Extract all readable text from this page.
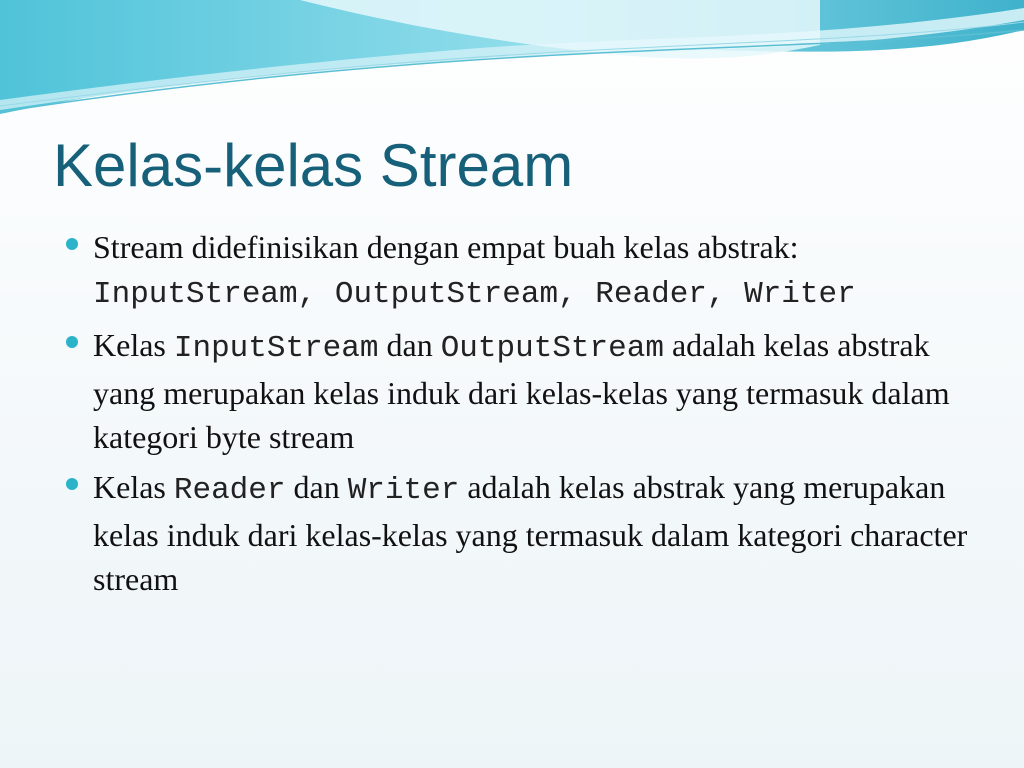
Kelas-kelas Stream
Stream didefinisikan dengan empat buah kelas abstrak: InputStream, OutputStream, Reader, Writer
Kelas InputStream dan OutputStream adalah kelas abstrak yang merupakan kelas induk dari kelas-kelas yang termasuk dalam kategori byte stream
Kelas Reader dan Writer adalah kelas abstrak yang merupakan kelas induk dari kelas-kelas yang termasuk dalam kategori character stream
